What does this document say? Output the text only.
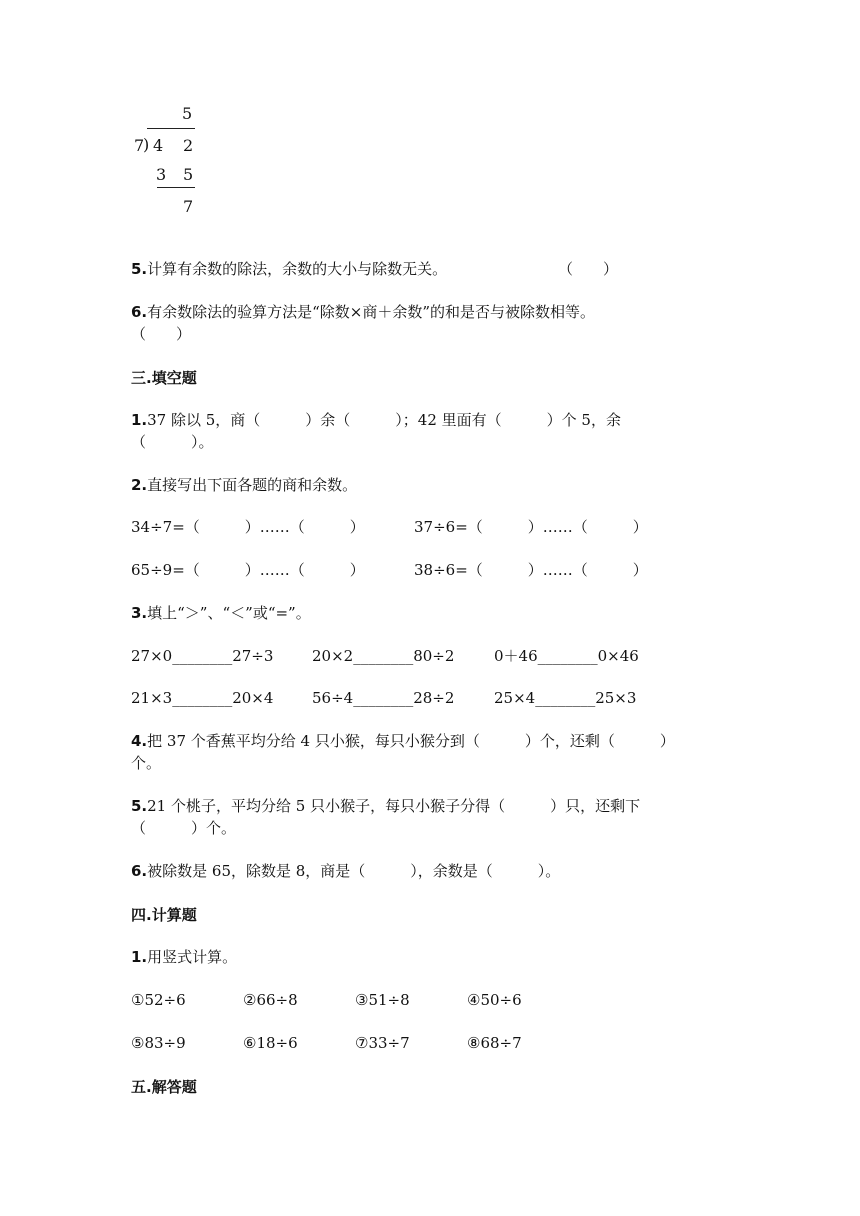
5
7
) 4 2
3 5
7
5.计算有余数的除法，余数的大小与除数无关。	（　　）
6.有余数除法的验算方法是“除数×商＋余数”的和是否与被除数相等。
（　　）
三.填空题
1.37 除以 5，商（　　　）余（　　　）；42 里面有（　　　）个 5，余
（　　　）。
2.直接写出下面各题的商和余数。
34÷7=（　　　）……（　　　）	37÷6=（　　　）……（　　　）
65÷9=（　　　）……（　　　）	38÷6=（　　　）……（　　　）
3.填上“＞”、“＜”或“=”。
27×0________27÷3	20×2________80÷2	0＋46________0×46
21×3________20×4	56÷4________28÷2	25×4________25×3
4.把 37 个香蕉平均分给 4 只小猴，每只小猴分到（　　　）个，还剩（　　　）
个。
5.21 个桃子，平均分给 5 只小猴子，每只小猴子分得（　　　）只，还剩下
（　　　）个。
6.被除数是 65，除数是 8，商是（　　　），余数是（　　　）。
四.计算题
1.用竖式计算。
①52÷6	②66÷8	③51÷8	④50÷6
⑤83÷9	⑥18÷6	⑦33÷7	⑧68÷7
五.解答题
